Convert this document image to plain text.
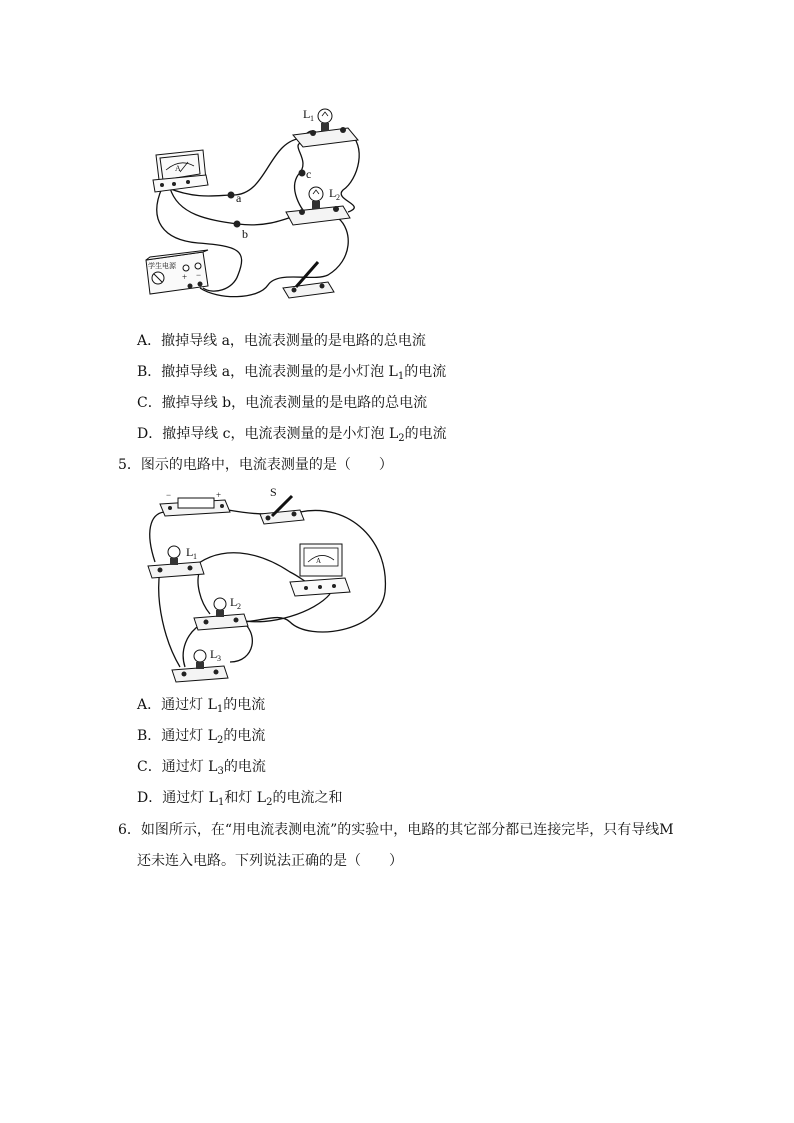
A
L 1
L 2
a
b
c
学生电源
+ −
A．撤掉导线 a，电流表测量的是电路的总电流
B．撤掉导线 a，电流表测量的是小灯泡 $L_1$的电流
C．撤掉导线 b，电流表测量的是电路的总电流
D．撤掉导线 c，电流表测量的是小灯泡 $L_2$的电流
5．图示的电路中，电流表测量的是（　　）
−	+	S
L 1
L 2
L 3
A
A．通过灯 $L_1$的电流
B．通过灯 $L_2$的电流
C．通过灯 $L_3$的电流
D．通过灯 $L_1$和灯 $L_2$的电流之和
6．如图所示，在“用电流表测电流”的实验中，电路的其它部分都已连接完毕，只有导线M
还未连入电路。下列说法正确的是（　　）
